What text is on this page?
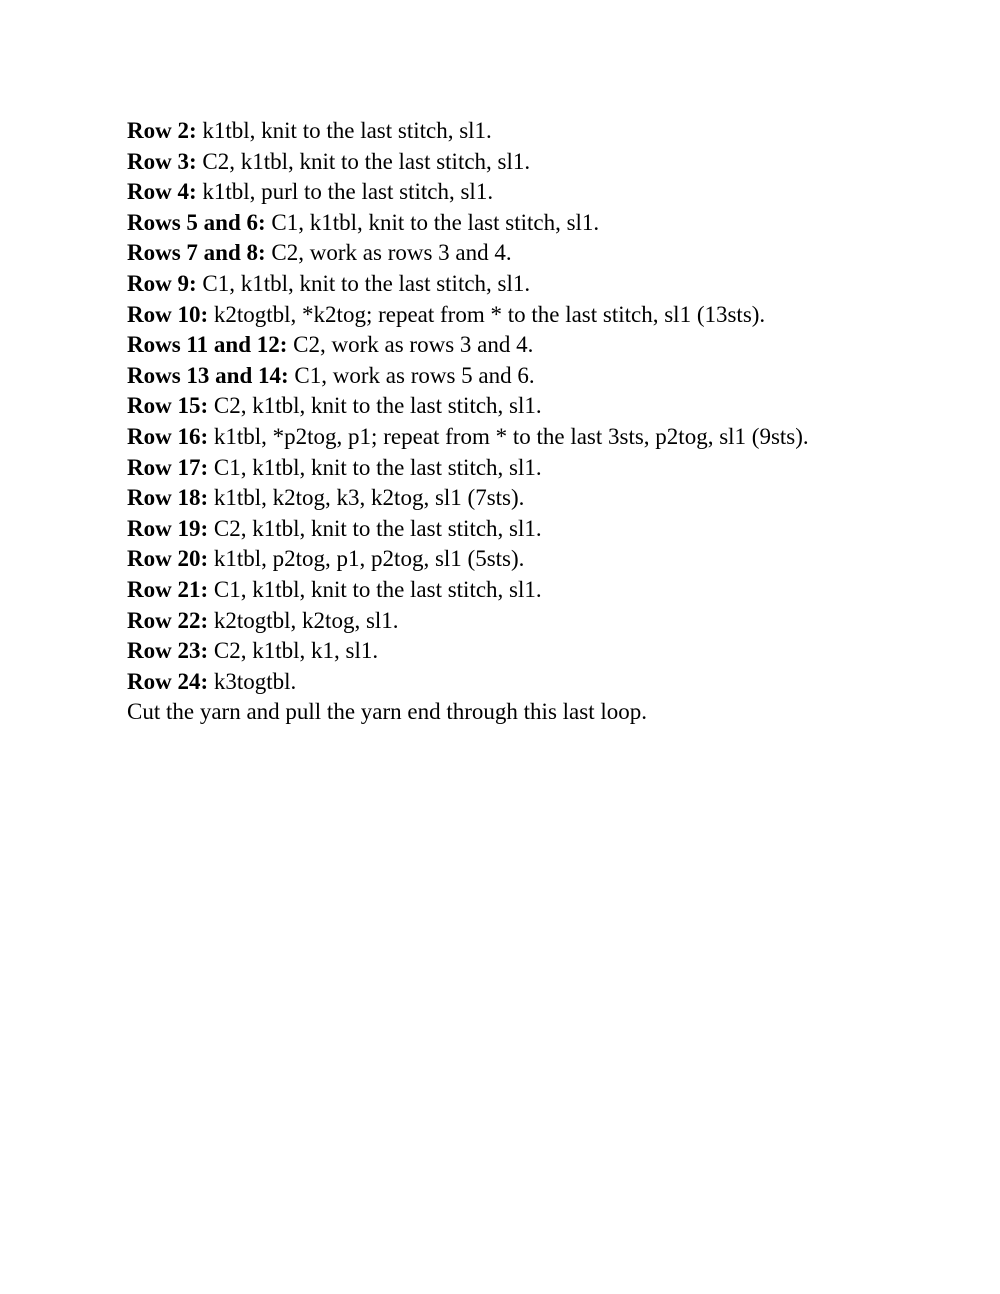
Row 2: k1tbl, knit to the last stitch, sl1.
Row 3: C2, k1tbl, knit to the last stitch, sl1.
Row 4: k1tbl, purl to the last stitch, sl1.
Rows 5 and 6: C1, k1tbl, knit to the last stitch, sl1.
Rows 7 and 8: C2, work as rows 3 and 4.
Row 9: C1, k1tbl, knit to the last stitch, sl1.
Row 10: k2togtbl, *k2tog; repeat from * to the last stitch, sl1 (13sts).
Rows 11 and 12: C2, work as rows 3 and 4.
Rows 13 and 14: C1, work as rows 5 and 6.
Row 15: C2, k1tbl, knit to the last stitch, sl1.
Row 16: k1tbl, *p2tog, p1; repeat from * to the last 3sts, p2tog, sl1 (9sts).
Row 17: C1, k1tbl, knit to the last stitch, sl1.
Row 18: k1tbl, k2tog, k3, k2tog, sl1 (7sts).
Row 19: C2, k1tbl, knit to the last stitch, sl1.
Row 20: k1tbl, p2tog, p1, p2tog, sl1 (5sts).
Row 21: C1, k1tbl, knit to the last stitch, sl1.
Row 22: k2togtbl, k2tog, sl1.
Row 23: C2, k1tbl, k1, sl1.
Row 24: k3togtbl.
Cut the yarn and pull the yarn end through this last loop.
